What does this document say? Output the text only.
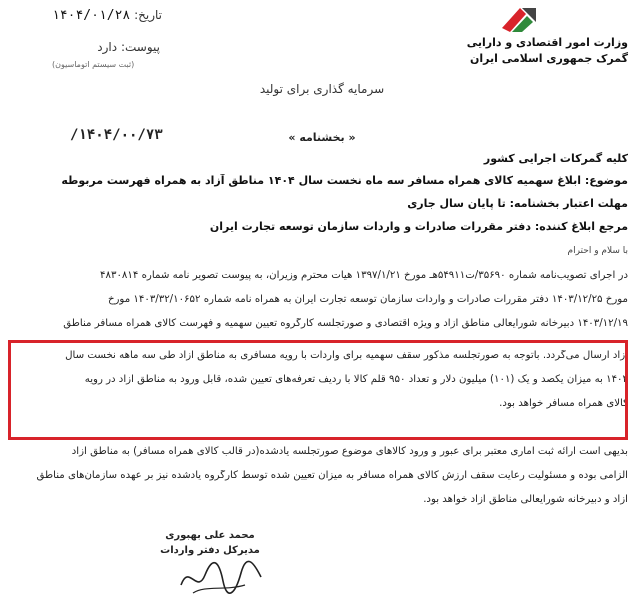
تاریخ: ۱۴۰۴/۰۱/۲۸
پیوست: دارد
(ثبت سیستم اتوماسیون)
وزارت امور اقتصادی و دارایی
گمرک جمهوری اسلامی ایران
سرمایه گذاری برای تولید
« بخشنامه »
/۱۴۰۴/۰۰/۷۳
کلیه گمرکات اجرایی کشور
موضوع: ابلاغ سهمیه کالای همراه مسافر سه ماه نخست سال ۱۴۰۴ مناطق آزاد به همراه فهرست مربوطه
مهلت اعتبار بخشنامه: تا پایان سال جاری
مرجع ابلاغ کننده: دفتر مقررات صادرات و واردات سازمان توسعه تجارت ایران
با سلام و احترام
در اجرای تصویب‌نامه شماره ۳۵۶۹۰/ت۵۴۹۱۱هـ مورخ ۱۳۹۷/۱/۲۱ هیأت محترم وزیران، به پیوست تصویر نامه شماره ۴۸۳۰۸۱۴
مورخ ۱۴۰۳/۱۲/۲۵ دفتر مقررات صادرات و واردات سازمان توسعه تجارت ایران به همراه نامه شماره ۱۴۰۳/۳۲/۱۰۶۵۲ مورخ
۱۴۰۳/۱۲/۱۹ دبیرخانه شورایعالی مناطق آزاد و ویژه اقتصادی و صورتجلسه کارگروه تعیین سهمیه و فهرست کالای همراه مسافر مناطق
آزاد ارسال می‌گردد. باتوجه به صورتجلسه مذکور سقف سهمیه برای واردات با رویه مسافری به مناطق آزاد طی سه ماهه نخست سال
۱۴۰۴ به میزان یکصد و یک (۱۰۱) میلیون دلار و تعداد ۹۵۰ قلم کالا با ردیف تعرفه‌های تعیین شده، قابل ورود به مناطق آزاد در رویه
کالای همراه مسافر خواهد بود.
بدیهی است ارائه ثبت آماری معتبر برای عبور و ورود کالاهای موضوع صورتجلسه یادشده(در قالب کالای همراه مسافر) به مناطق آزاد
الزامی بوده و مسئولیت رعایت سقف ارزش کالای همراه مسافر به میزان تعیین شده توسط کارگروه یادشده نیز بر عهده سازمان‌های مناطق
آزاد و دبیرخانه شورایعالی مناطق آزاد خواهد بود.
محمد علی بهبوری
مدیرکل دفتر واردات
